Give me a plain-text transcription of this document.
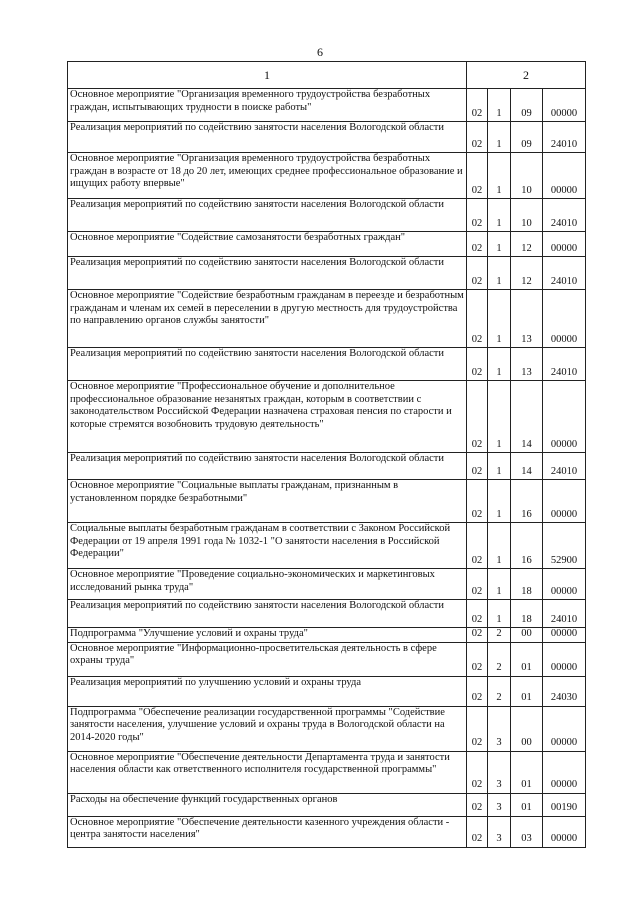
6
1	2			
Основное мероприятие "Организация временного трудоустройства безработных граждан, испытывающих трудности в поиске работы"	02	1	09	00000
Реализация мероприятий по содействию занятости населения Вологодской области	02	1	09	24010
Основное мероприятие "Организация временного трудоустройства безработных граждан в возрасте от 18 до 20 лет, имеющих среднее профессиональное образование и ищущих работу впервые"	02	1	10	00000
Реализация мероприятий по содействию занятости населения Вологодской области	02	1	10	24010
Основное мероприятие "Содействие самозанятости безработных граждан"	02	1	12	00000
Реализация мероприятий по содействию занятости населения Вологодской области	02	1	12	24010
Основное мероприятие "Содействие безработным гражданам в переезде и безработным гражданам и членам их семей в переселении в другую местность для трудоустройства по направлению органов службы занятости"	02	1	13	00000
Реализация мероприятий по содействию занятости населения Вологодской области	02	1	13	24010
Основное мероприятие "Профессиональное обучение и дополнительное профессиональное образование незанятых граждан, которым в соответствии с законодательством Российской Федерации назначена страховая пенсия по старости и которые стремятся возобновить трудовую деятельность"	02	1	14	00000
Реализация мероприятий по содействию занятости населения Вологодской области	02	1	14	24010
Основное мероприятие "Социальные выплаты гражданам, признанным в установленном порядке безработными"	02	1	16	00000
Социальные выплаты безработным гражданам в соответствии с Законом Российской Федерации от 19 апреля 1991 года № 1032-1 "О занятости населения в Российской Федерации"	02	1	16	52900
Основное мероприятие "Проведение социально-экономических и маркетинговых исследований рынка труда"	02	1	18	00000
Реализация мероприятий по содействию занятости населения Вологодской области	02	1	18	24010
Подпрограмма "Улучшение условий и охраны труда"	02	2	00	00000
Основное мероприятие "Информационно-просветительская деятельность в сфере охраны труда"	02	2	01	00000
Реализация мероприятий по улучшению условий и охраны труда	02	2	01	24030
Подпрограмма "Обеспечение реализации государственной программы "Содействие занятости населения, улучшение условий и охраны труда в Вологодской области на 2014-2020 годы"	02	3	00	00000
Основное мероприятие "Обеспечение деятельности Департамента труда и занятости населения области как ответственного исполнителя государственной программы"	02	3	01	00000
Расходы на обеспечение функций государственных органов	02	3	01	00190
Основное мероприятие "Обеспечение деятельности казенного учреждения области - центра занятости населения"	02	3	03	00000
